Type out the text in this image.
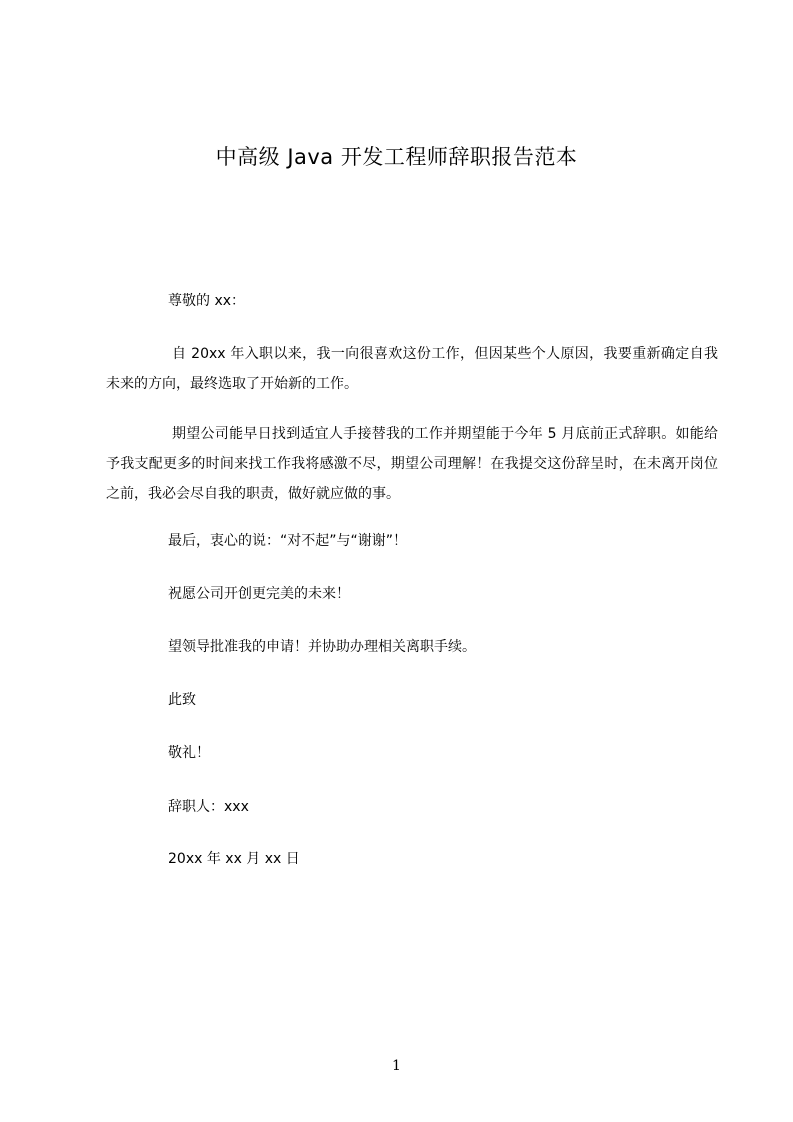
中高级 Java 开发工程师辞职报告范本

尊敬的 xx：

自 20xx 年入职以来，我一向很喜欢这份工作，但因某些个人原因，我要重新确定自我未来的方向，最终选取了开始新的工作。

期望公司能早日找到适宜人手接替我的工作并期望能于今年 5 月底前正式辞职。如能给予我支配更多的时间来找工作我将感激不尽，期望公司理解！在我提交这份辞呈时，在未离开岗位之前，我必会尽自我的职责，做好就应做的事。

最后，衷心的说：“对不起”与“谢谢”！

祝愿公司开创更完美的未来！

望领导批准我的申请！并协助办理相关离职手续。

此致

敬礼！

辞职人：xxx

20xx 年 xx 月 xx 日

1
